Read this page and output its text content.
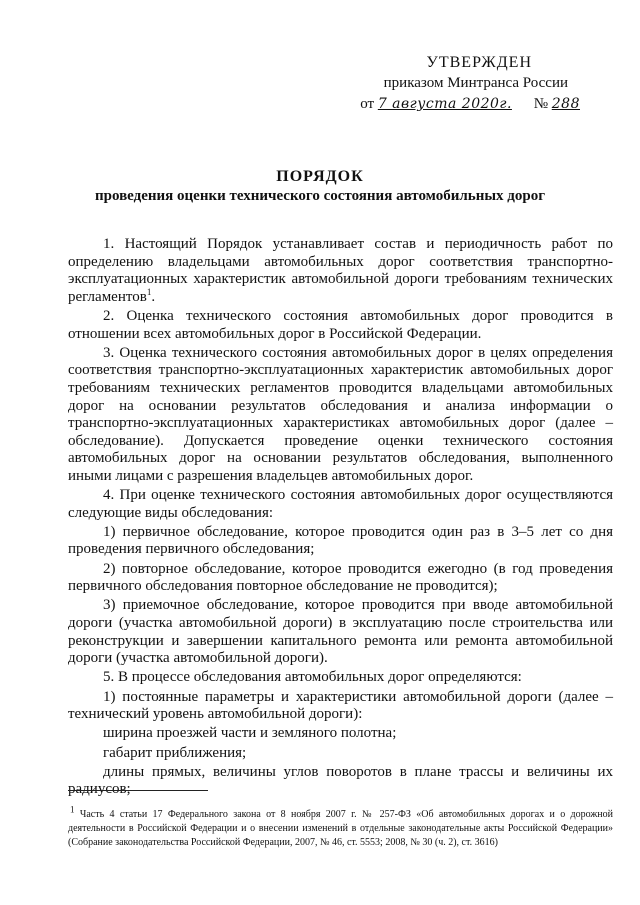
УТВЕРЖДЕН
приказом Минтранса России
от 7 августа 2020г. № 288
ПОРЯДОК
проведения оценки технического состояния автомобильных дорог

1. Настоящий Порядок устанавливает состав и периодичность работ по определению владельцами автомобильных дорог соответствия транспортно-эксплуатационных характеристик автомобильной дороги требованиям технических регламентов$^1$.

2. Оценка технического состояния автомобильных дорог проводится в отношении всех автомобильных дорог в Российской Федерации.

3. Оценка технического состояния автомобильных дорог в целях определения соответствия транспортно-эксплуатационных характеристик автомобильных дорог требованиям технических регламентов проводится владельцами автомобильных дорог на основании результатов обследования и анализа информации о транспортно-эксплуатационных характеристиках автомобильных дорог (далее – обследование). Допускается проведение оценки технического состояния автомобильных дорог на основании результатов обследования, выполненного иными лицами с разрешения владельцев автомобильных дорог.

4. При оценке технического состояния автомобильных дорог осуществляются следующие виды обследования:

1) первичное обследование, которое проводится один раз в 3–5 лет со дня проведения первичного обследования;

2) повторное обследование, которое проводится ежегодно (в год проведения первичного обследования повторное обследование не проводится);

3) приемочное обследование, которое проводится при вводе автомобильной дороги (участка автомобильной дороги) в эксплуатацию после строительства или реконструкции и завершении капитального ремонта или ремонта автомобильной дороги (участка автомобильной дороги).

5. В процессе обследования автомобильных дорог определяются:

1) постоянные параметры и характеристики автомобильной дороги (далее – технический уровень автомобильной дороги):

ширина проезжей части и земляного полотна;

габарит приближения;

длины прямых, величины углов поворотов в плане трассы и величины их радиусов;

$^1$ Часть 4 статьи 17 Федерального закона от 8 ноября 2007 г. № 257-ФЗ «Об автомобильных дорогах и о дорожной деятельности в Российской Федерации и о внесении изменений в отдельные законодательные акты Российской Федерации» (Собрание законодательства Российской Федерации, 2007, № 46, ст. 5553; 2008, № 30 (ч. 2), ст. 3616)
